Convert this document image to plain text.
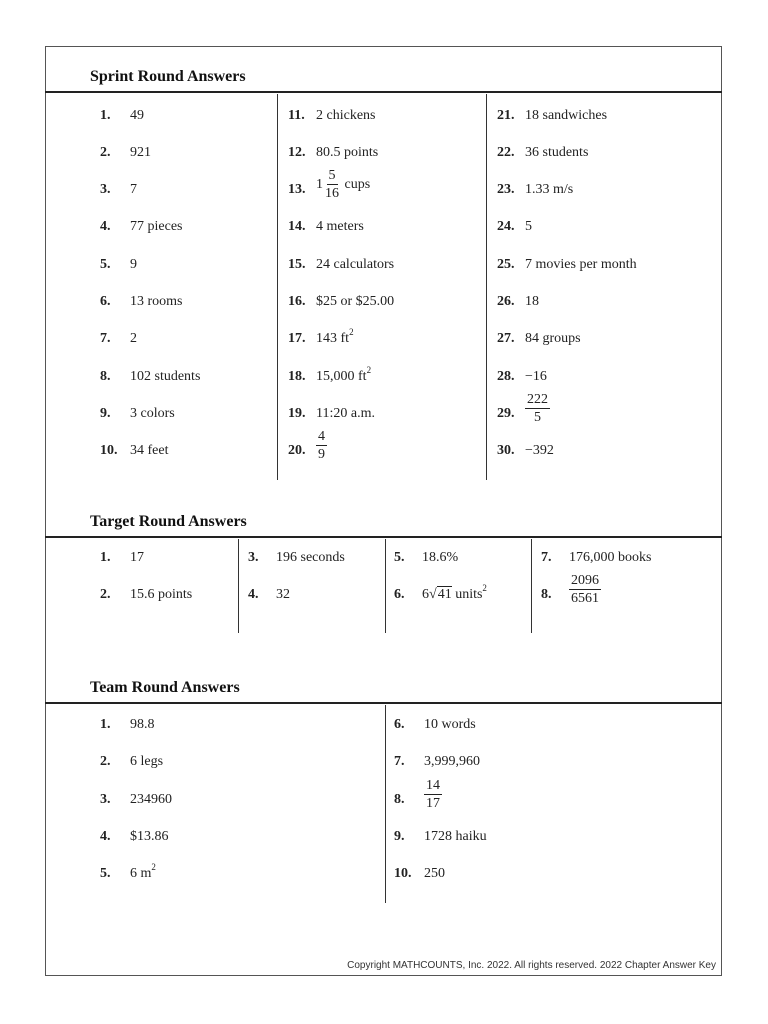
Sprint Round Answers
1. 49
2. 921
3. 7
4. 77 pieces
5. 9
6. 13 rooms
7. 2
8. 102 students
9. 3 colors
10. 34 feet
11. 2 chickens
12. 80.5 points
13. $1 \frac{5}{16}$ cups
14. 4 meters
15. 24 calculators
16. $25 or $25.00
17. 143 $ft^2$
18. 15,000 $ft^2$
19. 11:20 a.m.
20. $\frac{4}{9}$
21. 18 sandwiches
22. 36 students
23. 1.33 m/s
24. 5
25. 7 movies per month
26. 18
27. 84 groups
28. −16
29. $\frac{222}{5}$
30. −392
Target Round Answers
1. 17
2. 15.6 points
3. 196 seconds
4. 32
5. 18.6%
6. 6√41 units$^2$
7. 176,000 books
8. $\frac{2096}{6561}$
Team Round Answers
1. 98.8
2. 6 legs
3. 234960
4. $13.86
5. 6 $m^2$
6. 10 words
7. 3,999,960
8. $\frac{14}{17}$
9. 1728 haiku
10. 250
Copyright MATHCOUNTS, Inc. 2022. All rights reserved. 2022 Chapter Answer Key
